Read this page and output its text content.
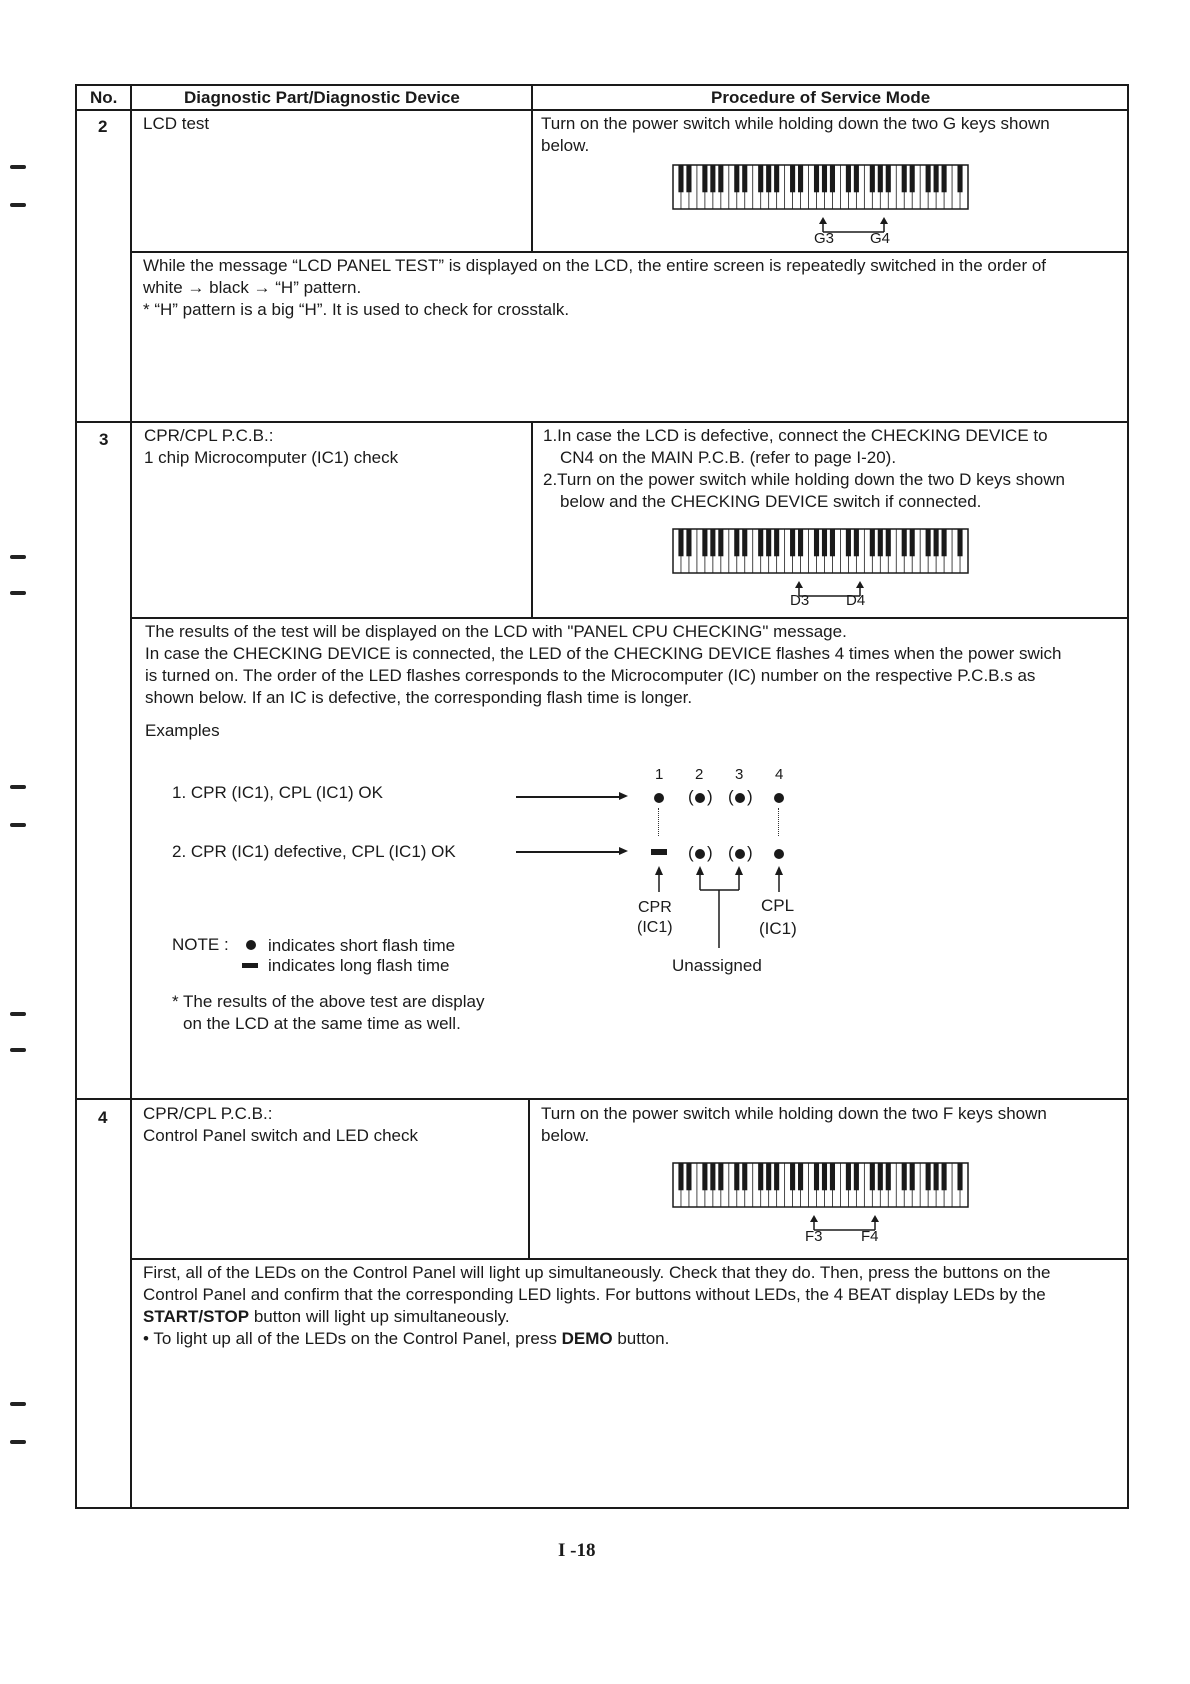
No.	Diagnostic Part/Diagnostic Device	Procedure of Service Mode
2 LCD test	Turn on the power switch while holding down the two G keys shown
below.
G3 G4
While the message “LCD PANEL TEST” is displayed on the LCD, the entire screen is repeatedly switched in the order of
white → black → “H” pattern.
* “H” pattern is a big “H”. It is used to check for crosstalk.
3 CPR/CPL P.C.B.:
1 chip Microcomputer (IC1) check
1.In case the LCD is defective, connect the CHECKING DEVICE to
CN4 on the MAIN P.C.B. (refer to page I-20).
2.Turn on the power switch while holding down the two D keys shown
below and the CHECKING DEVICE switch if connected.
D3 D4
The results of the test will be displayed on the LCD with "PANEL CPU CHECKING" message.
In case the CHECKING DEVICE is connected, the LED of the CHECKING DEVICE flashes 4 times when the power swich
is turned on. The order of the LED flashes corresponds to the Microcomputer (IC) number on the respective P.C.B.s as
shown below. If an IC is defective, the corresponding flash time is longer.
Examples
1. CPR (IC1), CPL (IC1) OK
2. CPR (IC1) defective, CPL (IC1) OK
1 2 3 4
( ) ( )
( ) ( )
CPR
(IC1)
CPL
(IC1)
Unassigned
NOTE : indicates short flash time
indicates long flash time
* The results of the above test are display
on the LCD at the same time as well.
4 CPR/CPL P.C.B.:
Control Panel switch and LED check
Turn on the power switch while holding down the two F keys shown
below.
F3	F4
First, all of the LEDs on the Control Panel will light up simultaneously. Check that they do. Then, press the buttons on the
Control Panel and confirm that the corresponding LED lights. For buttons without LEDs, the 4 BEAT display LEDs by the
START/STOP button will light up simultaneously.
• To light up all of the LEDs on the Control Panel, press DEMO button.
I -18
